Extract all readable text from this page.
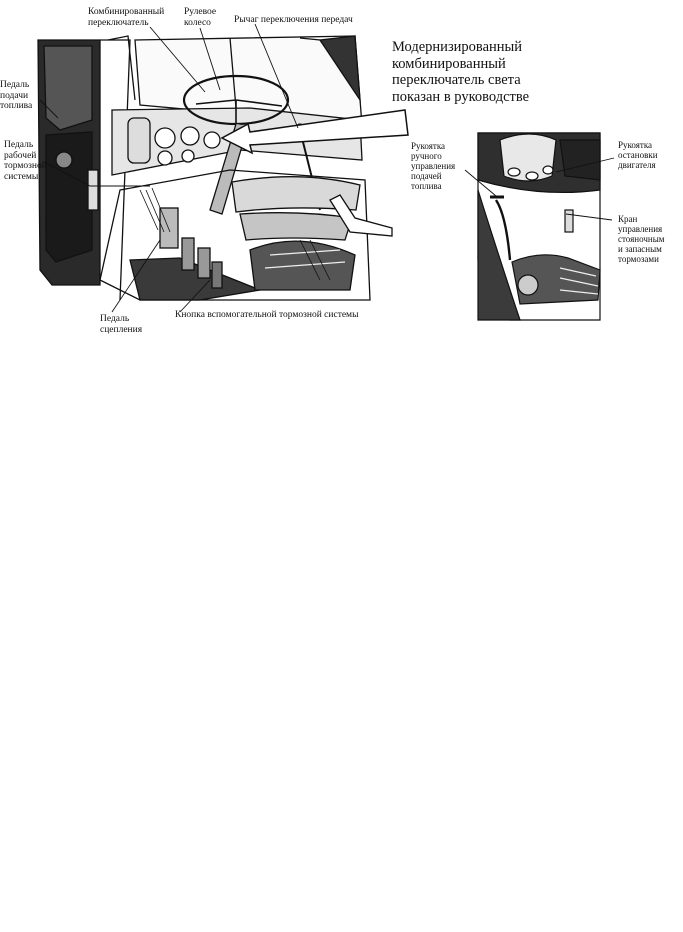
Комбинированный
переключатель
Рулевое
колесо	Рычаг переключения передач
Педаль
подачи
топлива
Педаль
рабочей
тормозной
системы
Педаль
сцепления
Кнопка вспомогательной тормозной системы
Модернизированный
комбинированный
переключатель света
показан в руководстве
Рукоятка
ручного
управления
подачей
топлива
Рукоятка
остановки
двигателя
Кран
управления
стояночным
и запасным
тормозами
